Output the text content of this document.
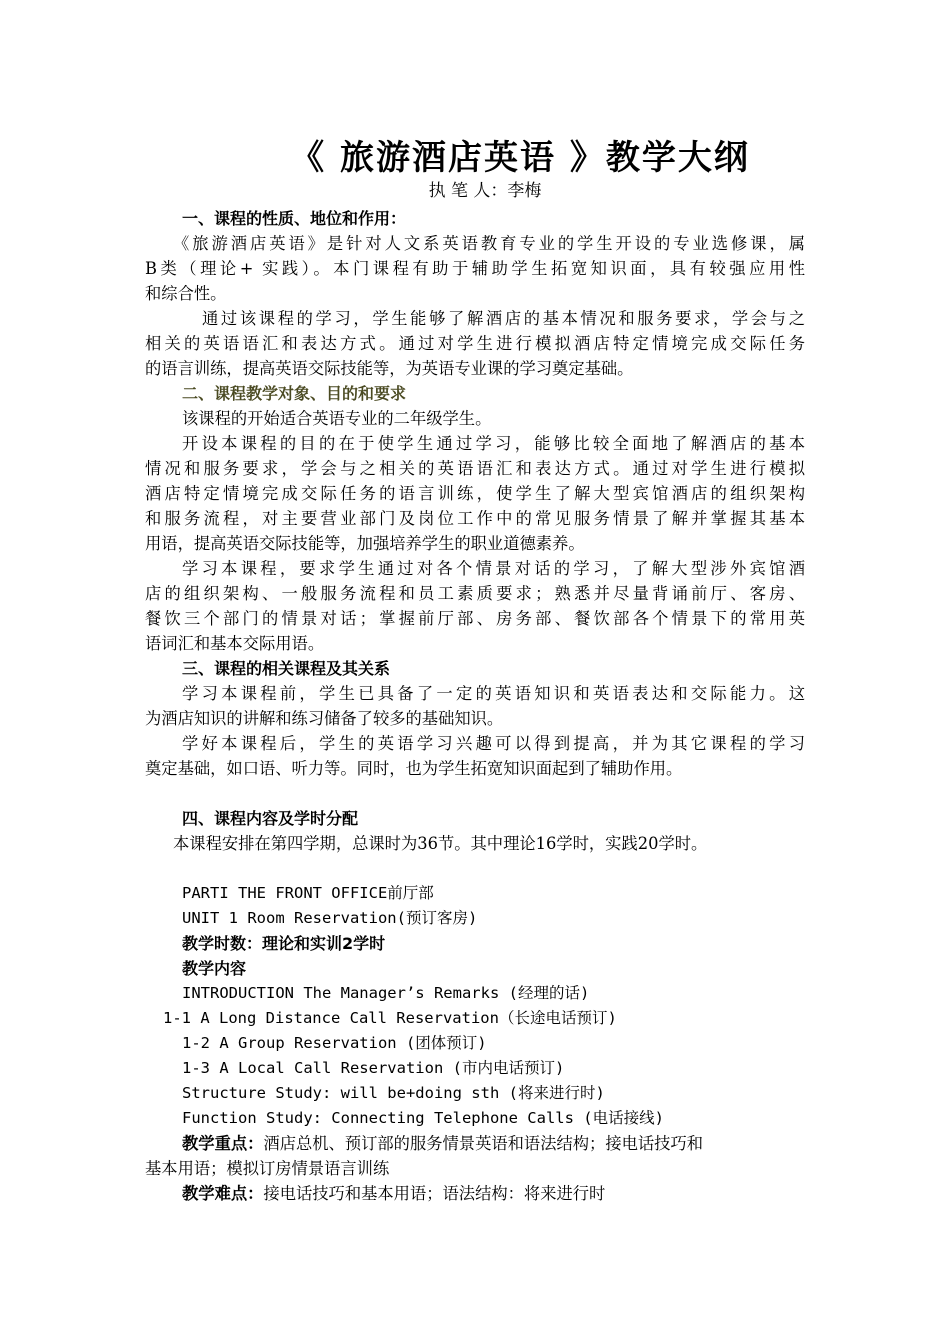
《 旅游酒店英语 》教学大纲
执 笔 人：李梅
一、课程的性质、地位和作用：
《旅游酒店英语》是针对人文系英语教育专业的学生开设的专业选修课，属
B类（理论+ 实践）。本门课程有助于辅助学生拓宽知识面，具有较强应用性
和综合性。
通过该课程的学习，学生能够了解酒店的基本情况和服务要求，学会与之
相关的英语语汇和表达方式。通过对学生进行模拟酒店特定情境完成交际任务
的语言训练，提高英语交际技能等，为英语专业课的学习奠定基础。
二、课程教学对象、目的和要求
该课程的开始适合英语专业的二年级学生。
开设本课程的目的在于使学生通过学习，能够比较全面地了解酒店的基本
情况和服务要求，学会与之相关的英语语汇和表达方式。通过对学生进行模拟
酒店特定情境完成交际任务的语言训练，使学生了解大型宾馆酒店的组织架构
和服务流程，对主要营业部门及岗位工作中的常见服务情景了解并掌握其基本
用语，提高英语交际技能等，加强培养学生的职业道德素养。
学习本课程，要求学生通过对各个情景对话的学习，了解大型涉外宾馆酒
店的组织架构、一般服务流程和员工素质要求；熟悉并尽量背诵前厅、客房、
餐饮三个部门的情景对话；掌握前厅部、房务部、餐饮部各个情景下的常用英
语词汇和基本交际用语。
三、课程的相关课程及其关系
学习本课程前，学生已具备了一定的英语知识和英语表达和交际能力。这
为酒店知识的讲解和练习储备了较多的基础知识。
学好本课程后，学生的英语学习兴趣可以得到提高，并为其它课程的学习
奠定基础，如口语、听力等。同时，也为学生拓宽知识面起到了辅助作用。
四、课程内容及学时分配
本课程安排在第四学期，总课时为36节。其中理论16学时，实践20学时。
PARTI THE FRONT OFFICE前厅部
UNIT 1 Room Reservation(预订客房)
教学时数：理论和实训2学时
教学内容
INTRODUCTION The Manager’s Remarks (经理的话)
1-1 A Long Distance Call Reservation（长途电话预订)
1-2 A Group Reservation (团体预订)
1-3 A Local Call Reservation (市内电话预订)
Structure Study: will be+doing sth (将来进行时)
Function Study: Connecting Telephone Calls (电话接线)
教学重点：酒店总机、预订部的服务情景英语和语法结构；接电话技巧和
基本用语；模拟订房情景语言训练
教学难点：接电话技巧和基本用语；语法结构：将来进行时
